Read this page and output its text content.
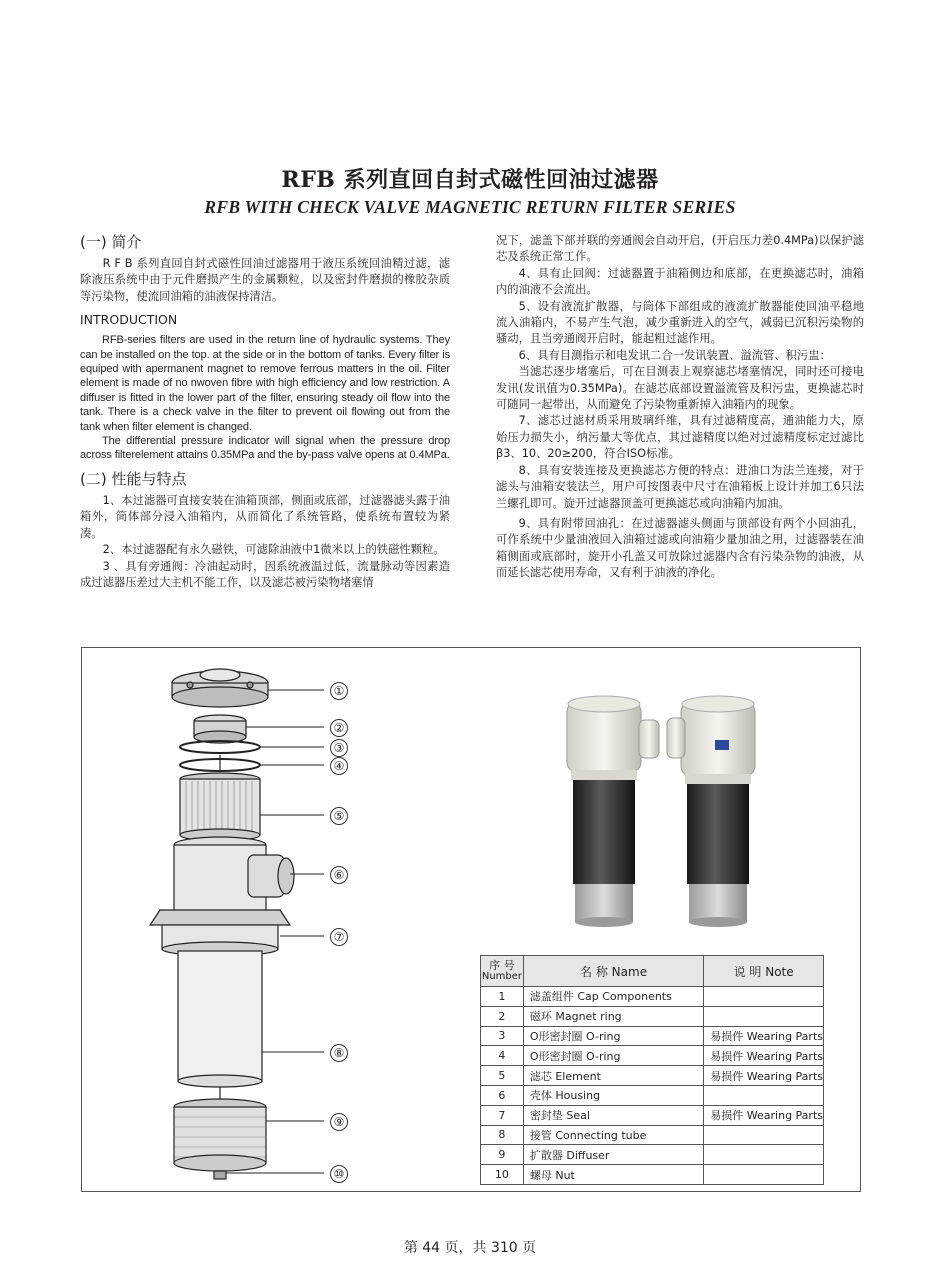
RFB 系列直回自封式磁性回油过滤器
RFB WITH CHECK VALVE MAGNETIC RETURN FILTER SERIES
(一) 简介

R F B 系列直回自封式磁性回油过滤器用于液压系统回油精过滤，滤除液压系统中由于元件磨损产生的金属颗粒，以及密封件磨损的橡胶杂质等污染物，使流回油箱的油液保持清洁。

INTRODUCTION

RFB-series filters are used in the return line of hydraulic systems. They can be installed on the top. at the side or in the bottom of tanks. Every filter is equiped with apermanent magnet to remove ferrous matters in the oil. Filter element is made of no nwoven fibre with high efficiency and low restriction. A diffuser is fitted in the lower part of the filter, ensuring steady oil flow into the tank. There is a check valve in the filter to prevent oil flowing out from the tank when filter element is changed.

The differential pressure indicator will signal when the pressure drop across filterelement attains 0.35MPa and the by-pass valve opens at 0.4MPa.

(二) 性能与特点

1、本过滤器可直接安装在油箱顶部，侧面或底部，过滤器滤头露于油箱外，筒体部分浸入油箱内，从而简化了系统管路，使系统布置较为紧凑。

2、本过滤器配有永久磁铁，可滤除油液中1微米以上的铁磁性颗粒。

3 、具有旁通阀：冷油起动时，因系统液温过低，流量脉动等因素造成过滤器压差过大主机不能工作，以及滤芯被污染物堵塞情

况下，滤盖下部并联的旁通阀会自动开启，(开启压力差0.4MPa)以保护滤芯及系统正常工作。

4、具有止回阀：过滤器置于油箱侧边和底部，在更换滤芯时，油箱内的油液不会流出。

5、设有液流扩散器，与筒体下部组成的液流扩散器能使回油平稳地流入油箱内，不易产生气泡，减少重新进入的空气，减弱已沉积污染物的骚动，且当旁通阀开启时，能起粗过滤作用。

6、具有目测指示和电发讯二合一发讯装置、溢流管、积污盅：

当滤芯逐步堵塞后，可在目测表上观察滤芯堵塞情况，同时还可接电发讯(发讯值为0.35MPa)。在滤芯底部设置溢流管及积污盅，更换滤芯时可随同一起带出，从而避免了污染物重新掉入油箱内的现象。

7、滤芯过滤材质采用玻璃纤维，具有过滤精度高，通油能力大，原始压力损失小，纳污量大等优点，其过滤精度以绝对过滤精度标定过滤比β3、10、20≥200，符合ISO标准。

8、具有安装连接及更换滤芯方便的特点：进油口为法兰连接，对于滤头与油箱安装法兰，用户可按图表中尺寸在油箱板上设计并加工6只法兰螺孔即可。旋开过滤器顶盖可更换滤芯或向油箱内加油。

9、具有附带回油孔：在过滤器滤头侧面与顶部设有两个小回油孔，可作系统中少量油液回入油箱过滤或向油箱少量加油之用，过滤器装在油箱侧面或底部时，旋开小孔盖又可放除过滤器内含有污染杂物的油液，从而延长滤芯使用寿命，又有利于油液的净化。

①
②
③
④
⑤
⑥
⑦
⑧
⑨
⑩
序 号
Number	名 称 Name	说 明 Note
1	滤盖组件 Cap Components	
2	磁环 Magnet ring	
3	O形密封圈 O-ring	易损件 Wearing Parts
4	O形密封圈 O-ring	易损件 Wearing Parts
5	滤芯 Element	易损件 Wearing Parts
6	壳体 Housing	
7	密封垫 Seal	易损件 Wearing Parts
8	接管 Connecting tube	
9	扩散器 Diffuser	
10	螺母 Nut	
第 44 页，共 310 页
